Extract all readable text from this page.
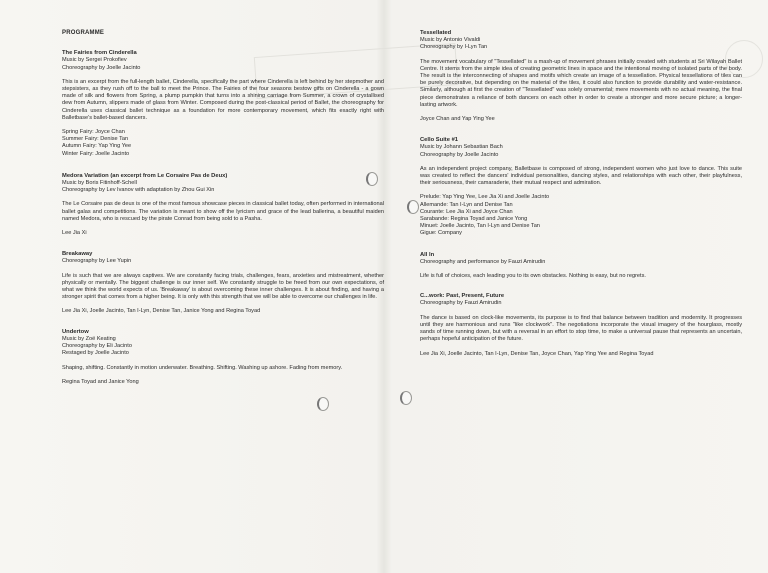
PROGRAMME

The Fairies from Cinderella

Music by Sergei Prokofiev

Choreography by Joelle Jacinto

This is an excerpt from the full-length ballet, Cinderella, specifically the part where Cinderella is left behind by her stepmother and stepsisters, as they rush off to the ball to meet the Prince. The Fairies of the four seasons bestow gifts on Cinderella - a gown made of silk and flowers from Spring, a plump pumpkin that turns into a shining carriage from Summer, a crown of crystallised dew from Autumn, slippers made of glass from Winter. Composed during the post-classical period of Ballet, the choreography for Cinderella uses classical ballet technique as a foundation for more contemporary movement, which fits exactly right with Balletbase's ballet-based dancers.

Spring Fairy: Joyce Chan
Summer Fairy: Denise Tan
Autumn Fairy: Yap Ying Yee
Winter Fairy: Joelle Jacinto

Medora Variation (an excerpt from Le Corsaire Pas de Deux)

Music by Boris Fitinhoff-Schell

Choreography by Lev Ivanov with adaptation by Zhou Gui Xin

The Le Corsaire pas de deux is one of the most famous showcase pieces in classical ballet today, often performed in international ballet galas and competitions. The variation is meant to show off the lyricism and grace of the lead ballerina, a beautiful maiden named Medora, who is rescued by the pirate Conrad from being sold to a Pasha.

Lee Jia Xi

Breakaway

Choreography by Lee Yupin

Life is such that we are always captives. We are constantly facing trials, challenges, fears, anxieties and mistreatment, whether physically or mentally. The biggest challenge is our inner self. We constantly struggle to be freed from our own expectations, of what we think the world expects of us. 'Breakaway' is about overcoming these inner challenges. It is about finding, and having a stronger spirit that comes from a higher being. It is only with this strength that we will be able to overcome our challenges in life.

Lee Jia Xi, Joelle Jacinto, Tan I-Lyn, Denise Tan, Janice Yong and Regina Toyad

Undertow

Music by Zoë Keating

Choreography by Eli Jacinto

Restaged by Joelle Jacinto

Shaping, shifting. Constantly in motion underwater. Breathing. Shifting. Washing up ashore. Fading from memory.

Regina Toyad and Janice Yong

Tessellated

Music by Antonio Vivaldi

Choreography by I-Lyn Tan

The movement vocabulary of "Tessellated" is a mash-up of movement phrases initially created with students at Sri Wilayah Ballet Centre. It stems from the simple idea of creating geometric lines in space and the intentional moving of isolated parts of the body. The result is the interconnecting of shapes and motifs which create an image of a tessellation. Physical tessellations of tiles can be purely decorative, but depending on the material of the tiles, it could also function to provide durability and water-resistance. Similarly, although at first the creation of "Tessellated" was solely ornamental; mere movements with no actual meaning, the final piece demonstrates a reliance of both dancers on each other in order to create a stronger and more secure picture; a longer-lasting artwork.

Joyce Chan and Yap Ying Yee

Cello Suite #1

Music by Johann Sebastian Bach

Choreography by Joelle Jacinto

As an independent project company, Balletbase is composed of strong, independent women who just love to dance. This suite was created to reflect the dancers' individual personalities, dancing styles, and relationships with each other, their playfulness, their seriousness, their camaraderie, their mutual respect and admiration.

Prelude: Yap Ying Yee, Lee Jia Xi and Joelle Jacinto
Allemande: Tan I-Lyn and Denise Tan
Courante: Lee Jia Xi and Joyce Chan
Sarabande: Regina Toyad and Janice Yong
Minuet: Joelle Jacinto, Tan I-Lyn and Denise Tan
Gigue: Company

All In

Choreography and performance by Fauzi Amirudin

Life is full of choices, each leading you to its own obstacles. Nothing is easy, but no regrets.

C...work: Past, Present, Future

Choreography by Fauzi Amirudin

The dance is based on clock-like movements, its purpose is to find that balance between tradition and modernity. It progresses until they are harmonious and runs "like clockwork". The negotiations incorporate the visual imagery of the hourglass, mostly sands of time running down, but with a reversal in an effort to stop time, to make a universal pause that represents an uncertain, perhaps hopeful anticipation of the future.

Lee Jia Xi, Joelle Jacinto, Tan I-Lyn, Denise Tan, Joyce Chan, Yap Ying Yee and Regina Toyad
